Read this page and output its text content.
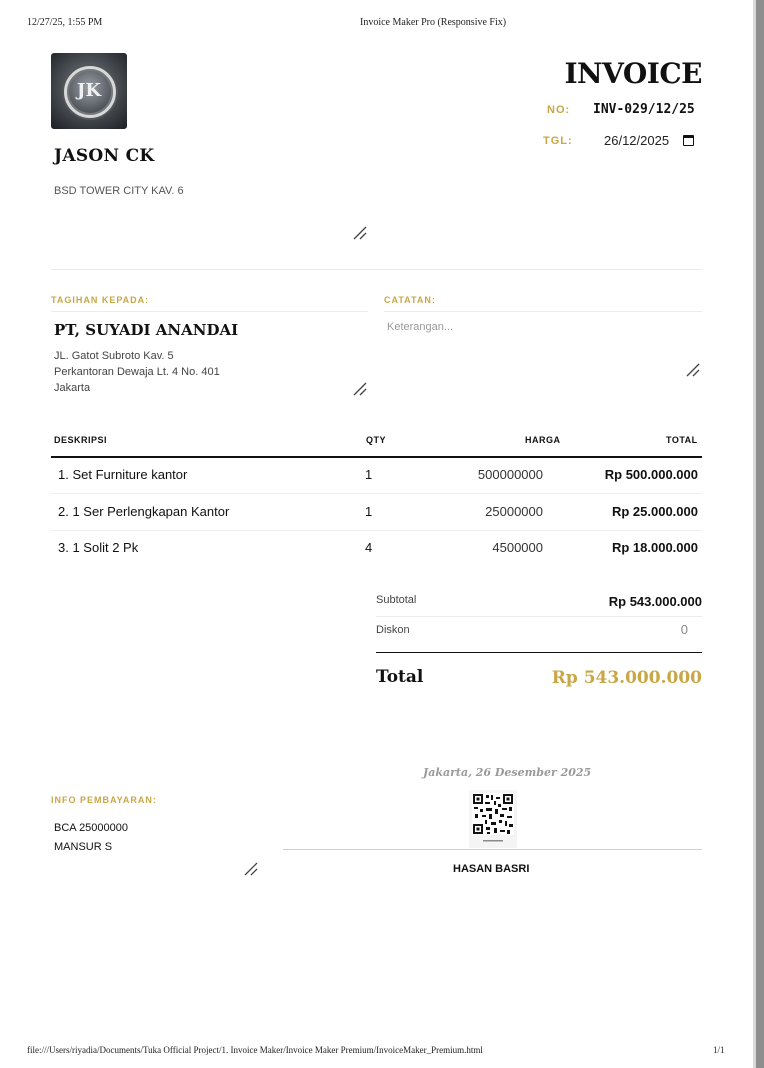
12/27/25, 1:55 PM	Invoice Maker Pro (Responsive Fix)
JK
JASON CK
BSD TOWER CITY KAV. 6
INVOICE
NO: INV-029/12/25
TGL: 26/12/2025
TAGIHAN KEPADA:
PT, SUYADI ANANDAI
JL. Gatot Subroto Kav. 5
Perkantoran Dewaja Lt. 4 No. 401
Jakarta
CATATAN:
Keterangan...
DESKRIPSI	QTY	HARGA	TOTAL
1. Set Furniture kantor	1	500000000	Rp 500.000.000
2. 1 Ser Perlengkapan Kantor	1	25000000	Rp 25.000.000
3. 1 Solit 2 Pk	4	4500000	Rp 18.000.000
Subtotal	Rp 543.000.000
Diskon	0
Total	Rp 543.000.000
INFO PEMBAYARAN:
BCA 25000000
MANSUR S
Jakarta, 26 Desember 2025
HASAN BASRI
file:///Users/riyadia/Documents/Tuka Official Project/1. Invoice Maker/Invoice Maker Premium/InvoiceMaker_Premium.html	1/1
